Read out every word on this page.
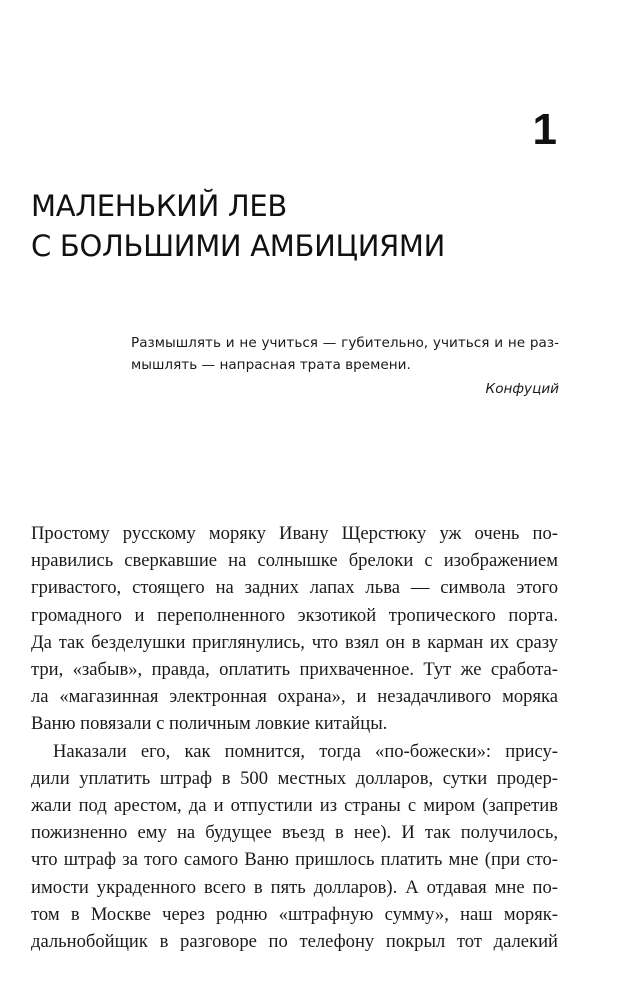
1
МАЛЕНЬКИЙ ЛЕВ
С БОЛЬШИМИ АМБИЦИЯМИ
Размышлять и не учиться — губительно, учиться и не раз-
мышлять — напрасная трата времени.
Конфуций
Простому русскому моряку Ивану Щерстюку уж очень по-
нравились сверкавшие на солнышке брелоки с изображением
гривастого, стоящего на задних лапах льва — символа этого
громадного и переполненного экзотикой тропического порта.
Да так безделушки приглянулись, что взял он в карман их сразу
три, «забыв», правда, оплатить прихваченное. Тут же сработа-
ла «магазинная электронная охрана», и незадачливого моряка
Ваню повязали с поличным ловкие китайцы.
Наказали его, как помнится, тогда «по-божески»: прису-
дили уплатить штраф в 500 местных долларов, сутки продер-
жали под арестом, да и отпустили из страны с миром (запретив
пожизненно ему на будущее въезд в нее). И так получилось,
что штраф за того самого Ваню пришлось платить мне (при сто-
имости украденного всего в пять долларов). А отдавая мне по-
том в Москве через родню «штрафную сумму», наш моряк-
дальнобойщик в разговоре по телефону покрыл тот далекий
